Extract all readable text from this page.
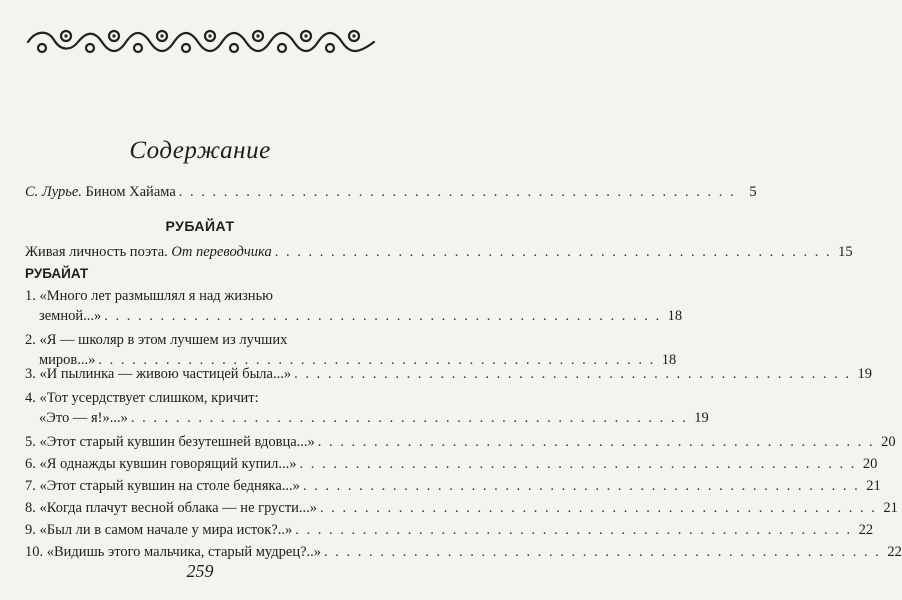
Содержание
С. Лурье. Бином Хайама . . .	5
РУБАЙАТ
Живая личность поэта. От переводчика . . .	15
РУБАЙАТ
1. «Много лет размышлял я над жизнью
земной...» . . .	18
2. «Я — школяр в этом лучшем из лучших
миров...» . . .	18
3. «И пылинка — живою частицей была...» . . .	19
4. «Тот усердствует слишком, кричит:
«Это — я!»...» . . .	19
5. «Этот старый кувшин безутешней вдовца...» . . .	20
6. «Я однажды кувшин говорящий купил...» . . .	20
7. «Этот старый кувшин на столе бедняка...» . . .	21
8. «Когда плачут весной облака — не грусти...» . . .	21
9. «Был ли в самом начале у мира исток?..» . . .	22
10. «Видишь этого мальчика, старый мудрец?..» . . .	22
259
